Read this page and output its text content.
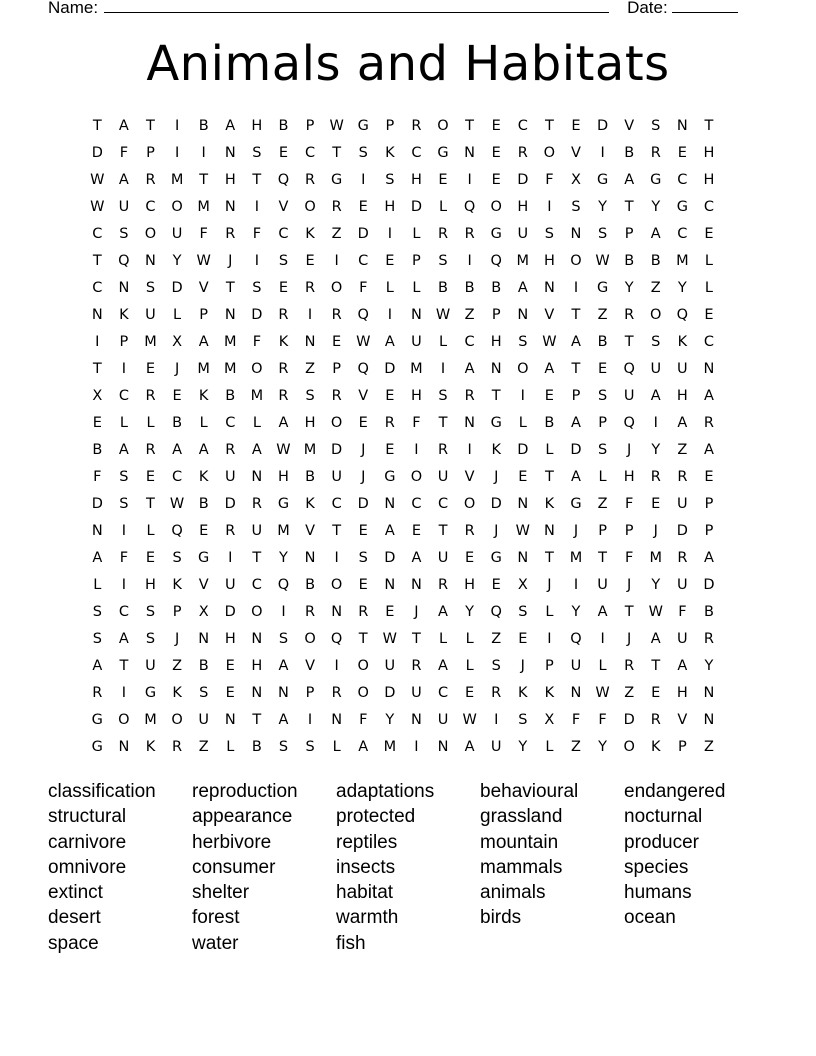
Name:	Date:
Animals and Habitats
T	A	T	I	B	A	H	B	P	W G	P	R	O	T	E	C	T	E	D	V	S	N	T
D	F	P	I	I	N	S	E	C	T	S	K	C	G	N	E	R	O	V	I	B	R	E	H
W A	R	M	T	H	T	Q	R	G	I	S	H	E	I	E	D	F	X	G	A	G	C	H
W U	C	O	M	N	I	V	O	R	E	H	D	L	Q	O	H	I	S	Y	T	Y	G	C
C	S	O	U	F	R	F	C	K	Z	D	I	L	R	R	G	U	S	N	S	P	A	C	E
T	Q	N	Y	W	J	I	S	E	I	C	E	P	S	I	Q	M	H	O W B	B	M	L
C	N	S	D	V	T	S	E	R	O	F	L	L	B	B	B	A	N	I	G	Y	Z	Y	L
N	K	U	L	P	N	D	R	I	R	Q	I	N W Z	P	N	V	T	Z	R	O	Q	E
I	P	M	X	A	M	F	K	N	E	W A	U	L	C	H	S	W A	B	T	S	K	C
T	I	E	J	M M	O	R	Z	P	Q	D	M	I	A	N	O	A	T	E	Q	U	U	N
X	C	R	E	K	B	M	R	S	R	V	E	H	S	R	T	I	E	P	S	U	A	H	A
E	L	L	B	L	C	L	A	H	O	E	R	F	T	N	G	L	B	A	P	Q	I	A	R
B	A	R	A	A	R	A W M	D	J	E	I	R	I	K	D	L	D	S	J	Y	Z	A
F	S	E	C	K	U	N	H	B	U	J	G	O	U	V	J	E	T	A	L	H	R	R	E
D	S	T	W B	D	R	G	K	C	D	N	C	C	O	D	N	K	G	Z	F	E	U	P
N	I	L	Q	E	R	U	M	V	T	E	A	E	T	R	J	W N	J	P	P	J	D	P
A	F	E	S	G	I	T	Y	N	I	S	D	A	U	E	G	N	T	M	T	F	M	R	A
L	I	H	K	V	U	C	Q	B	O	E	N	N	R	H	E	X	J	I	U	J	Y	U	D
S	C	S	P	X	D	O	I	R	N	R	E	J	A	Y	Q	S	L	Y	A	T	W	F	B
S	A	S	J	N	H	N	S	O	Q	T	W	T	L	L	Z	E	I	Q	I	J	A	U	R
A	T	U	Z	B	E	H	A	V	I	O	U	R	A	L	S	J	P	U	L	R	T	A	Y
R	I	G	K	S	E	N	N	P	R	O	D	U	C	E	R	K	K	N W Z	E	H	N
G	O	M	O	U	N	T	A	I	N	F	Y	N	U W	I	S	X	F	F	D	R	V	N
G	N	K	R	Z	L	B	S	S	L	A	M	I	N	A	U	Y	L	Z	Y	O	K	P	Z
classification
structural
carnivore
omnivore
extinct
desert
space
reproduction
appearance
herbivore
consumer
shelter
forest
water
adaptations
protected
reptiles
insects
habitat
warmth
fish
behavioural
grassland
mountain
mammals
animals
birds
endangered
nocturnal
producer
species
humans
ocean
